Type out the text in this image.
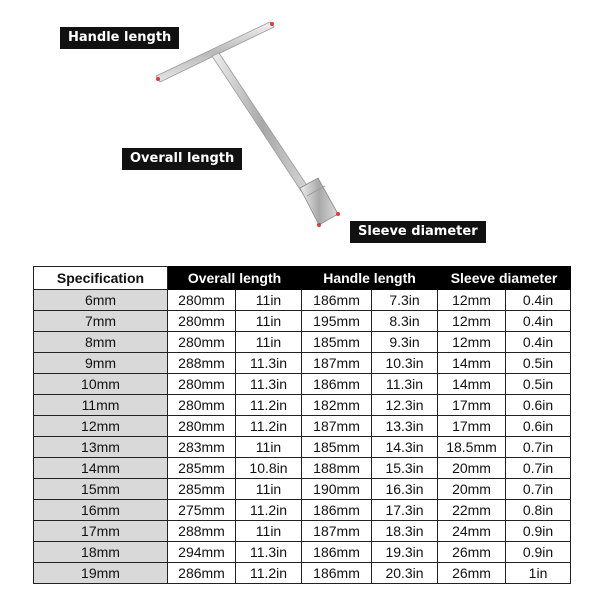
Handle length
Overall length
Sleeve diameter
Specification	Overall length		Handle length		Sleeve diameter	
6mm	280mm	11in	186mm	7.3in	12mm	0.4in
7mm	280mm	11in	195mm	8.3in	12mm	0.4in
8mm	280mm	11in	185mm	9.3in	12mm	0.4in
9mm	288mm	11.3in	187mm	10.3in	14mm	0.5in
10mm	280mm	11.3in	186mm	11.3in	14mm	0.5in
11mm	280mm	11.2in	182mm	12.3in	17mm	0.6in
12mm	280mm	11.2in	187mm	13.3in	17mm	0.6in
13mm	283mm	11in	185mm	14.3in	18.5mm	0.7in
14mm	285mm	10.8in	188mm	15.3in	20mm	0.7in
15mm	285mm	11in	190mm	16.3in	20mm	0.7in
16mm	275mm	11.2in	186mm	17.3in	22mm	0.8in
17mm	288mm	11in	187mm	18.3in	24mm	0.9in
18mm	294mm	11.3in	186mm	19.3in	26mm	0.9in
19mm	286mm	11.2in	186mm	20.3in	26mm	1in
